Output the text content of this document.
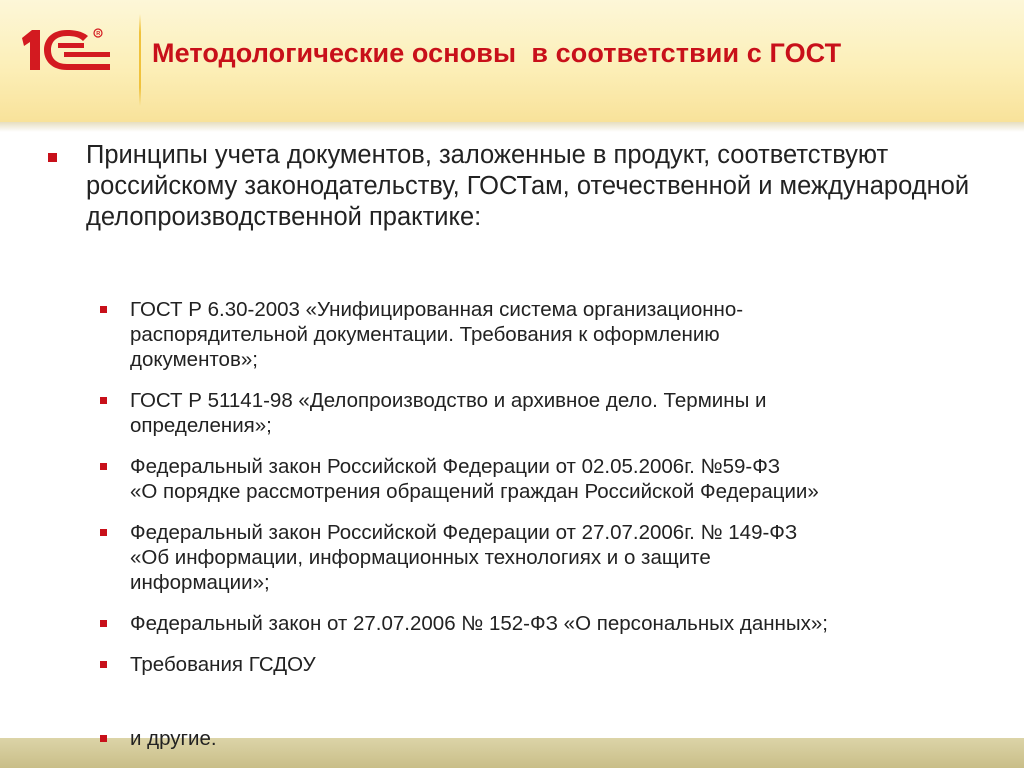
R
Методологические основы  в соответствии с ГОСТ

Принципы учета документов, заложенные в продукт, соответствуют российскому законодательству, ГОСТам, отечественной и международной делопроизводственной практике:

ГОСТ Р 6.30-2003 «Унифицированная система организационно-
распорядительной документации. Требования к оформлению
документов»;
ГОСТ Р 51141-98 «Делопроизводство и архивное дело. Термины и
определения»;
Федеральный закон Российской Федерации от 02.05.2006г. №59-ФЗ
«О порядке рассмотрения обращений граждан Российской Федерации»
Федеральный закон Российской Федерации от 27.07.2006г. № 149-ФЗ
«Об информации, информационных технологиях и о защите
информации»;
Федеральный закон от 27.07.2006 № 152-ФЗ «О персональных данных»;
Требования ГСДОУ
и другие.
